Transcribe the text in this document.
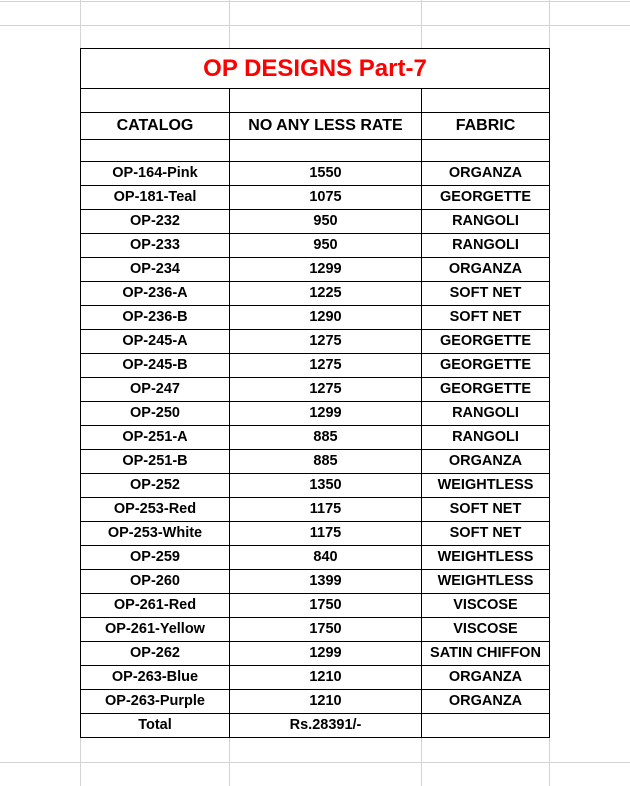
OP DESIGNS Part-7		

CATALOG	NO ANY LESS RATE	FABRIC

OP-164-Pink	1550	ORGANZA
OP-181-Teal	1075	GEORGETTE
OP-232	950	RANGOLI
OP-233	950	RANGOLI
OP-234	1299	ORGANZA
OP-236-A	1225	SOFT NET
OP-236-B	1290	SOFT NET
OP-245-A	1275	GEORGETTE
OP-245-B	1275	GEORGETTE
OP-247	1275	GEORGETTE
OP-250	1299	RANGOLI
OP-251-A	885	RANGOLI
OP-251-B	885	ORGANZA
OP-252	1350	WEIGHTLESS
OP-253-Red	1175	SOFT NET
OP-253-White	1175	SOFT NET
OP-259	840	WEIGHTLESS
OP-260	1399	WEIGHTLESS
OP-261-Red	1750	VISCOSE
OP-261-Yellow	1750	VISCOSE
OP-262	1299	SATIN CHIFFON
OP-263-Blue	1210	ORGANZA
OP-263-Purple	1210	ORGANZA
Total	Rs.28391/-	
